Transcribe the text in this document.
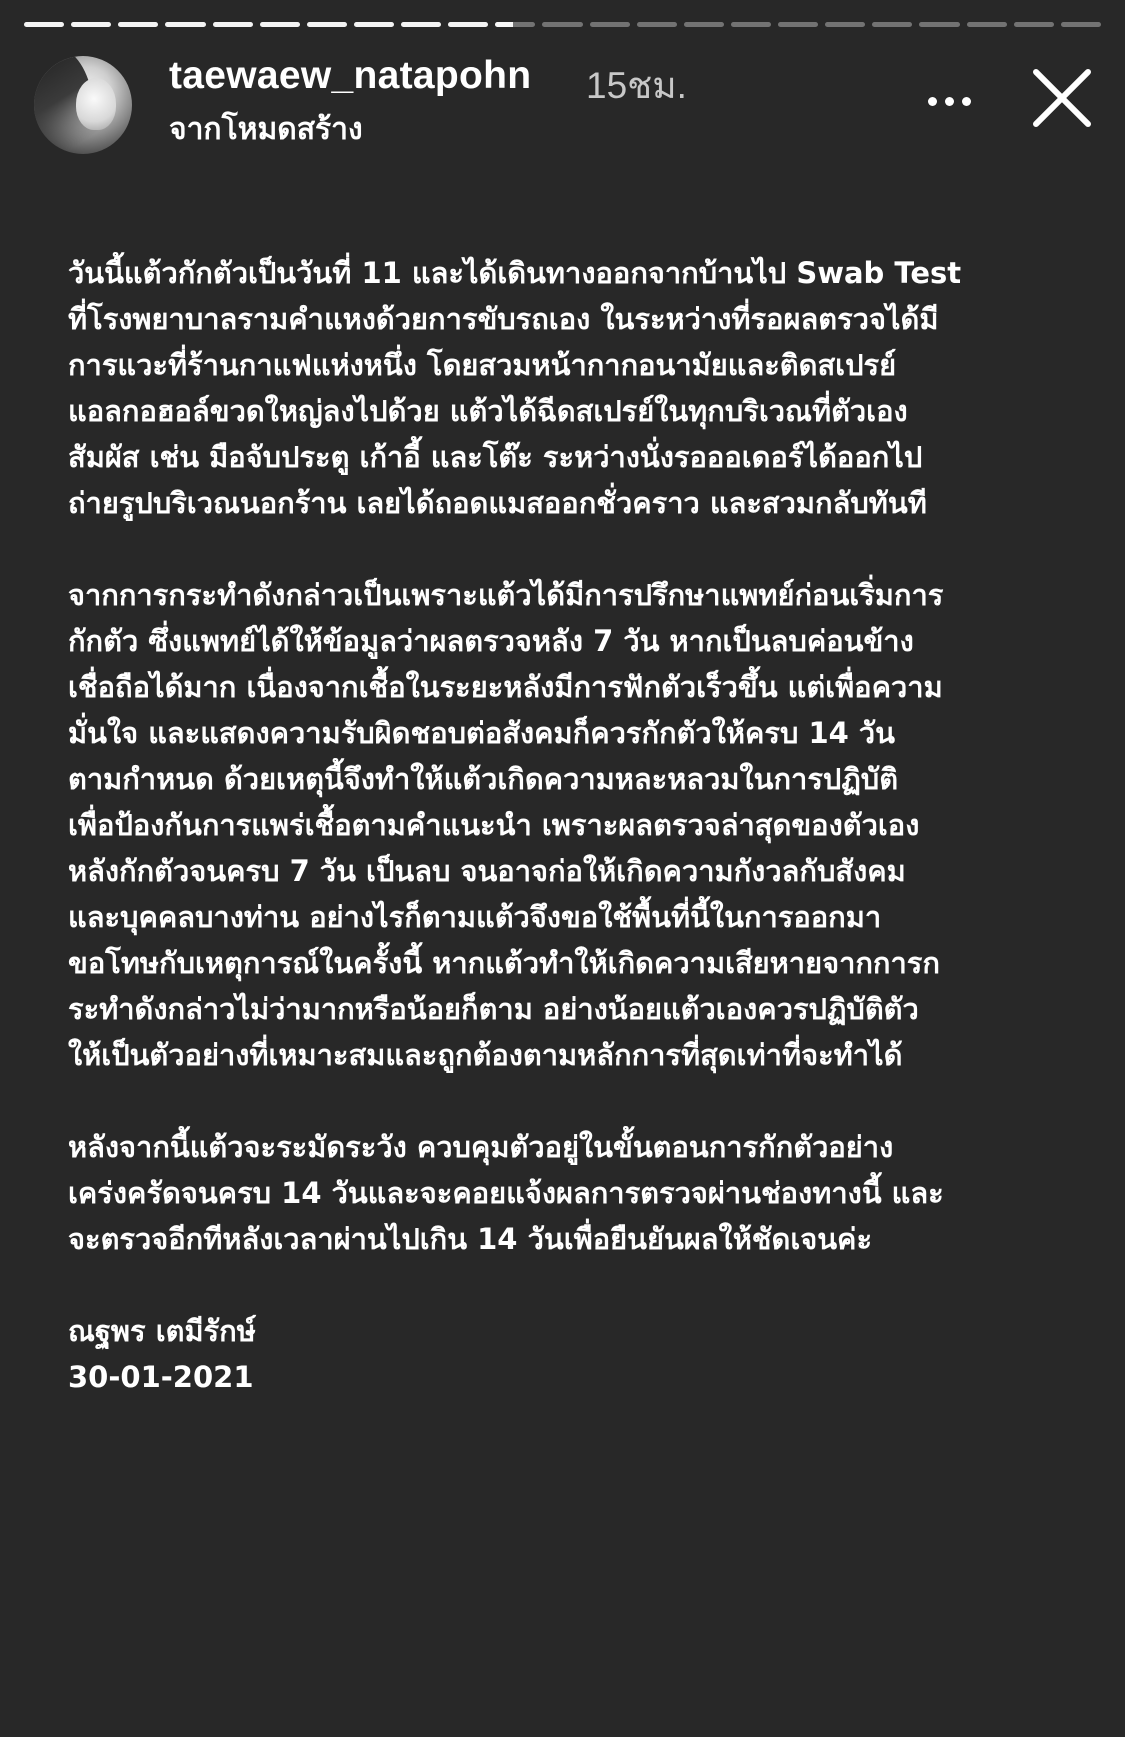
taewaew_natapohn 15ชม.
จากโหมดสร้าง
วันนี้แต้วกักตัวเป็นวันที่ 11 และได้เดินทางออกจากบ้านไป Swab Test
ที่โรงพยาบาลรามคำแหงด้วยการขับรถเอง ในระหว่างที่รอผลตรวจได้มี
การแวะที่ร้านกาแฟแห่งหนึ่ง โดยสวมหน้ากากอนามัยและติดสเปรย์
แอลกอฮอล์ขวดใหญ่ลงไปด้วย แต้วได้ฉีดสเปรย์ในทุกบริเวณที่ตัวเอง
สัมผัส เช่น มือจับประตู เก้าอี้ และโต๊ะ ระหว่างนั่งรอออเดอร์ได้ออกไป
ถ่ายรูปบริเวณนอกร้าน เลยได้ถอดแมสออกชั่วคราว และสวมกลับทันที
จากการกระทำดังกล่าวเป็นเพราะแต้วได้มีการปรึกษาแพทย์ก่อนเริ่มการ
กักตัว ซึ่งแพทย์ได้ให้ข้อมูลว่าผลตรวจหลัง 7 วัน หากเป็นลบค่อนข้าง
เชื่อถือได้มาก เนื่องจากเชื้อในระยะหลังมีการฟักตัวเร็วขึ้น แต่เพื่อความ
มั่นใจ และแสดงความรับผิดชอบต่อสังคมก็ควรกักตัวให้ครบ 14 วัน
ตามกำหนด ด้วยเหตุนี้จึงทำให้แต้วเกิดความหละหลวมในการปฏิบัติ
เพื่อป้องกันการแพร่เชื้อตามคำแนะนำ เพราะผลตรวจล่าสุดของตัวเอง
หลังกักตัวจนครบ 7 วัน เป็นลบ จนอาจก่อให้เกิดความกังวลกับสังคม
และบุคคลบางท่าน อย่างไรก็ตามแต้วจึงขอใช้พื้นที่นี้ในการออกมา
ขอโทษกับเหตุการณ์ในครั้งนี้ หากแต้วทำให้เกิดความเสียหายจากการก
ระทำดังกล่าวไม่ว่ามากหรือน้อยก็ตาม อย่างน้อยแต้วเองควรปฏิบัติตัว
ให้เป็นตัวอย่างที่เหมาะสมและถูกต้องตามหลักการที่สุดเท่าที่จะทำได้
หลังจากนี้แต้วจะระมัดระวัง ควบคุมตัวอยู่ในขั้นตอนการกักตัวอย่าง
เคร่งครัดจนครบ 14 วันและจะคอยแจ้งผลการตรวจผ่านช่องทางนี้ และ
จะตรวจอีกทีหลังเวลาผ่านไปเกิน 14 วันเพื่อยืนยันผลให้ชัดเจนค่ะ
ณฐพร เตมีรักษ์
30-01-2021
